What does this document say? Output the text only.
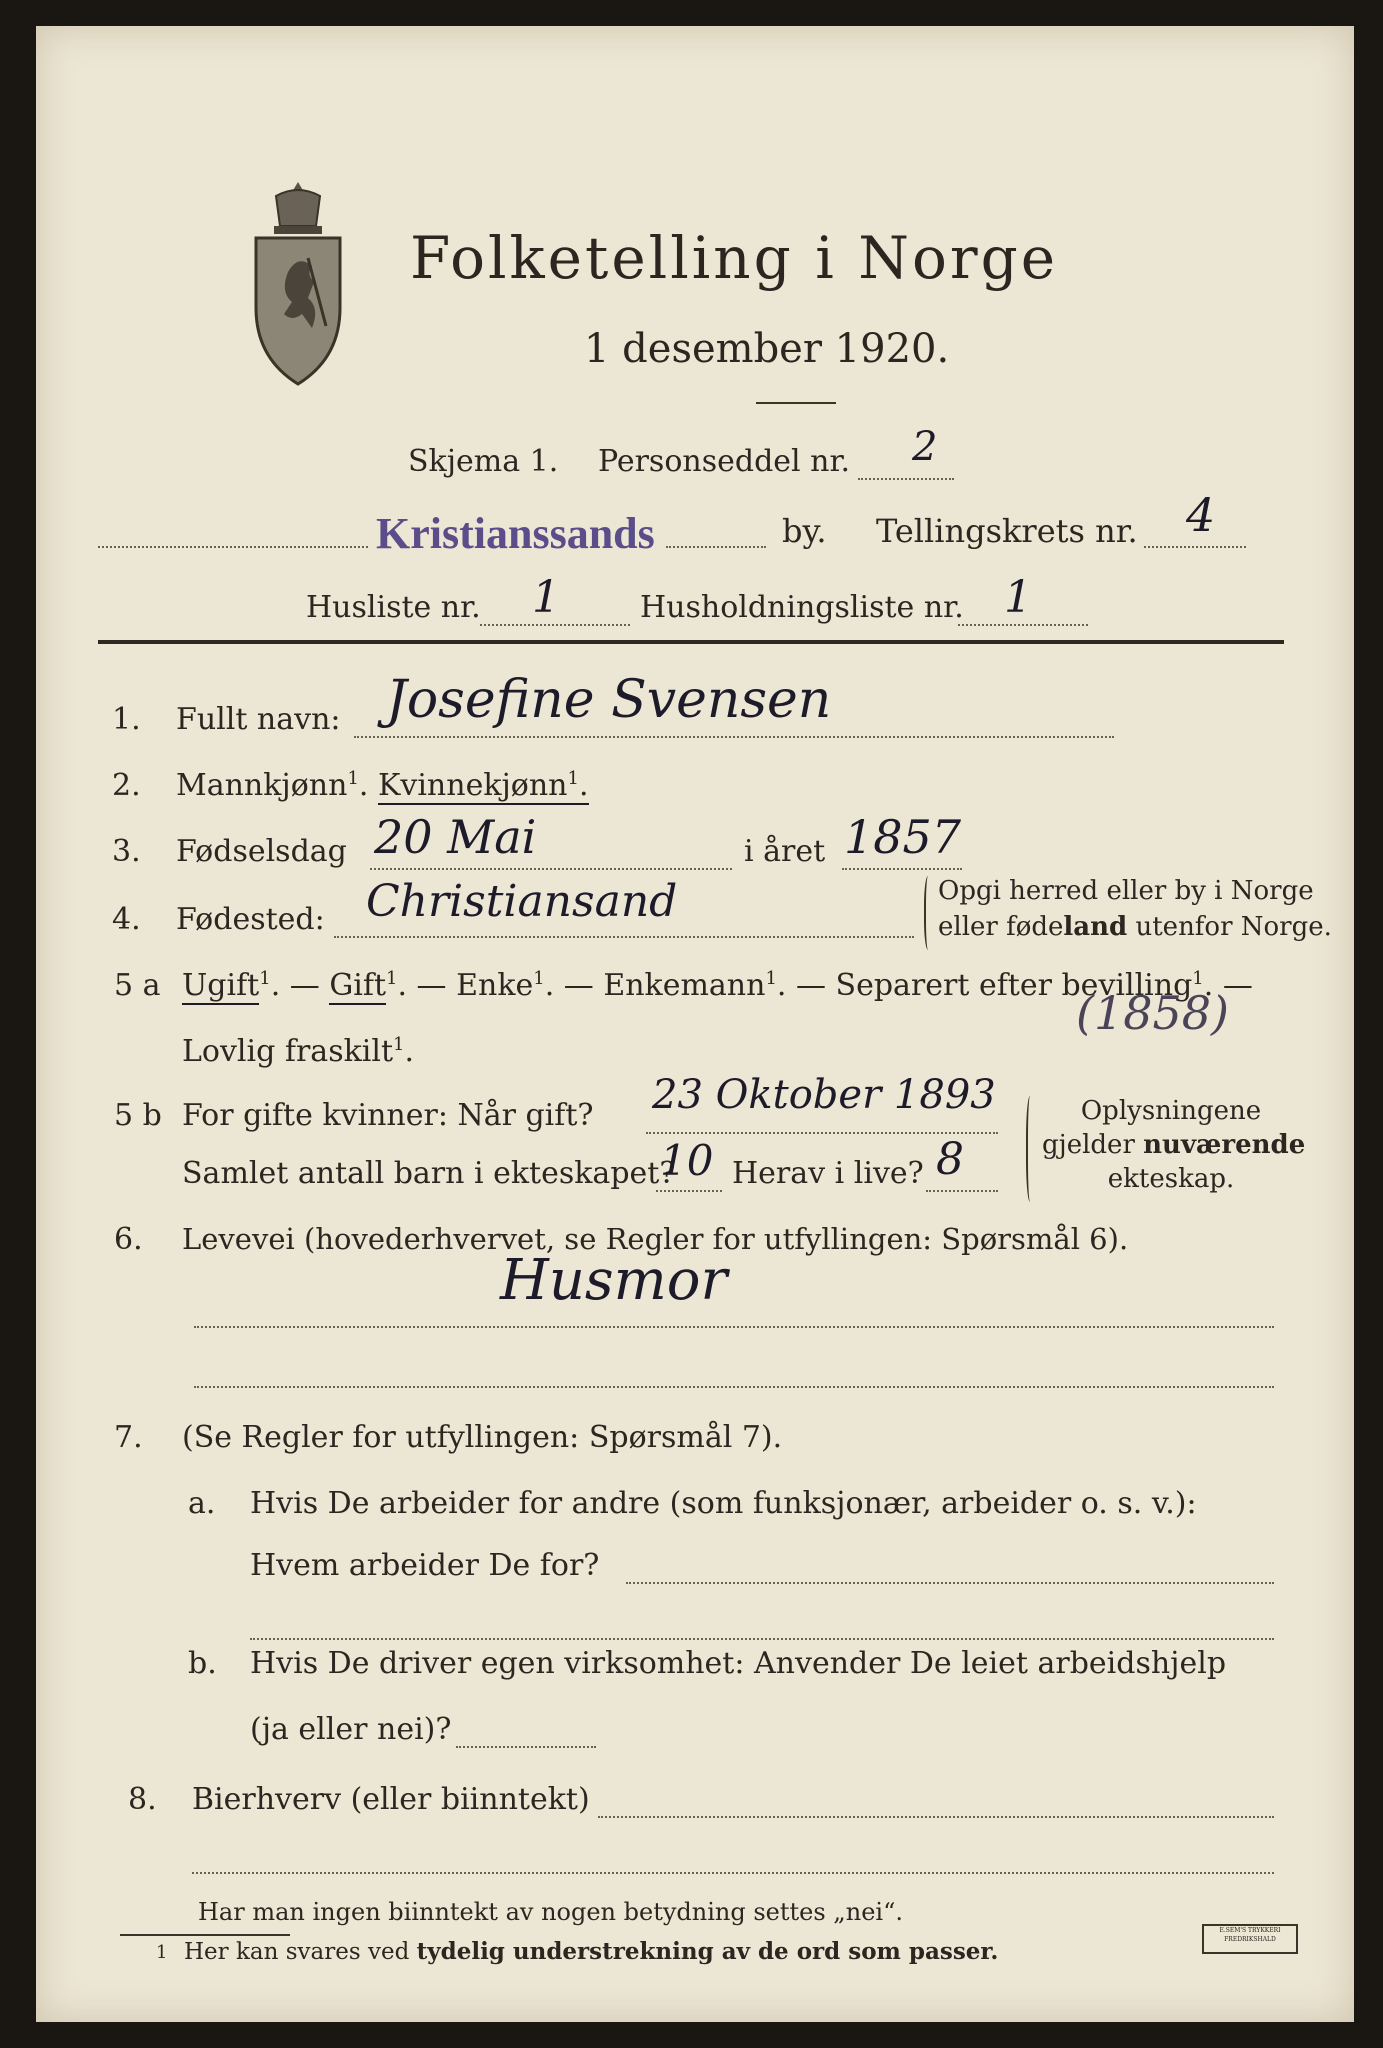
Folketelling i Norge
1 desember 1920.
Skjema 1. Personseddel nr. 2
Kristianssands	by. Tellingskrets nr. 4
Husliste nr. 1	Husholdningsliste nr. 1
1. Fullt navn: Josefine Svensen
2. Mannkjønn$^1$. Kvinnekjønn$^1$.
3. Fødselsdag 20 Mai	i året 1857
4. Fødested: Christiansand	Opgi herred eller by i Norge
eller fødeland utenfor Norge.
5 a Ugift$^1$. — Gift$^1$. — Enke$^1$. — Enkemann$^1$. — Separert efter bevilling$^1$. —
Lovlig fraskilt$^1$.
(1858)
5 b For gifte kvinner: Når gift? 23 Oktober 1893
Samlet antall barn i ekteskapet?
10 Herav i live? 8
Oplysningene
gjelder nuværende
ekteskap.
6. Levevei (hovederhvervet, se Regler for utfyllingen: Spørsmål 6).
Husmor
7. (Se Regler for utfyllingen: Spørsmål 7).
a. Hvis De arbeider for andre (som funksjonær, arbeider o. s. v.):
Hvem arbeider De for?
b. Hvis De driver egen virksomhet: Anvender De leiet arbeidshjelp
(ja eller nei)?
8. Bierhverv (eller biinntekt)
Har man ingen biinntekt av nogen betydning settes „nei“.
1 Her kan svares ved tydelig understrekning av de ord som passer.
E.SEM'S TRYKKERI FREDRIKSHALD
